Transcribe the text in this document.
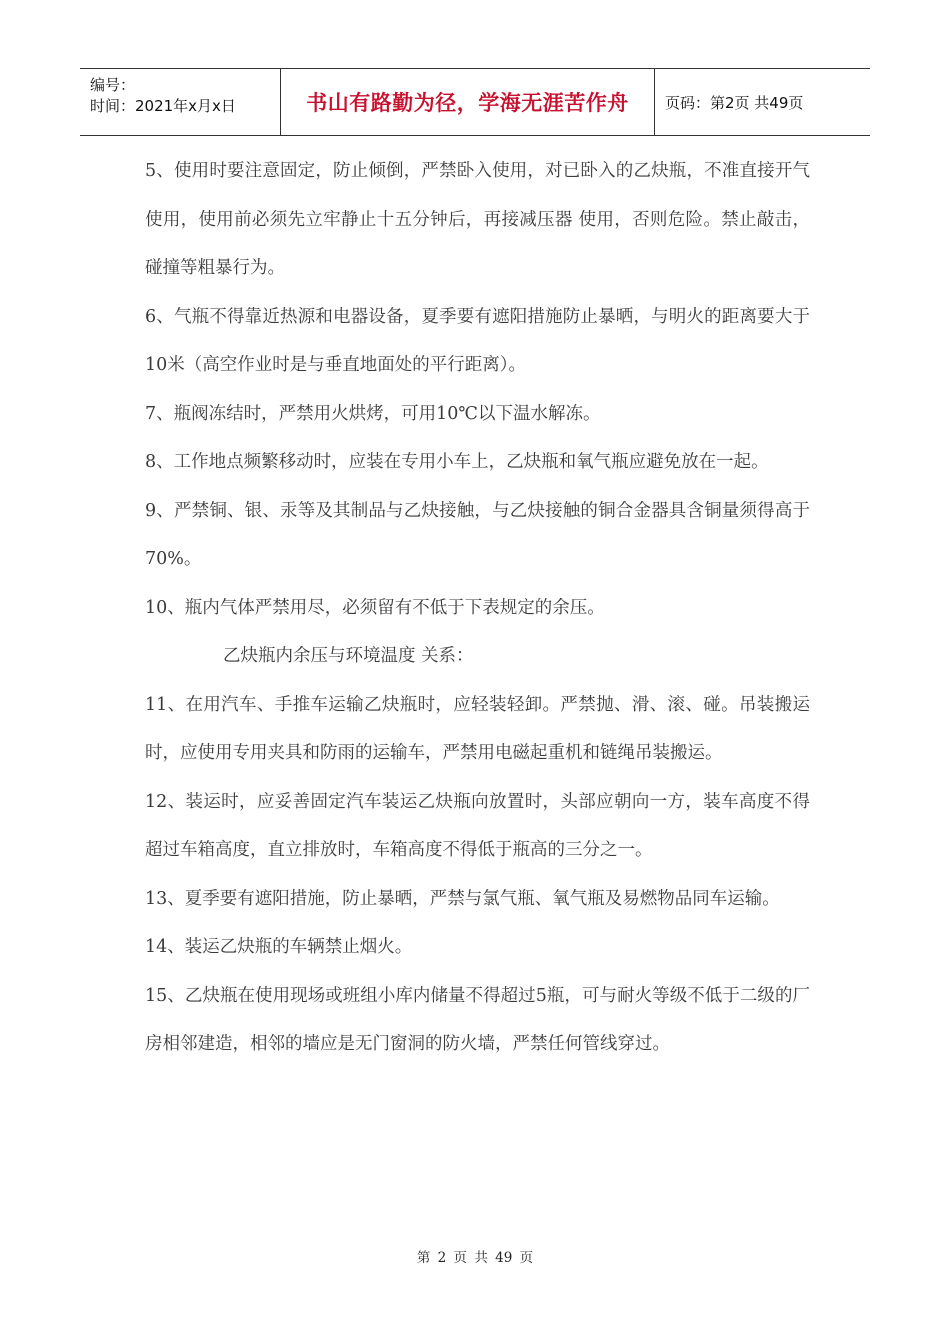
编号：
时间：2021年x月x日	书山有路勤为径，学海无涯苦作舟	页码：第2页 共49页

5、使用时要注意固定，防止倾倒，严禁卧入使用，对已卧入的乙炔瓶，不准直接开气使用，使用前必须先立牢静止十五分钟后，再接减压器 使用，否则危险。禁止敲击，碰撞等粗暴行为。

6、气瓶不得靠近热源和电器设备，夏季要有遮阳措施防止暴晒，与明火的距离要大于10米（高空作业时是与垂直地面处的平行距离）。

7、瓶阀冻结时，严禁用火烘烤，可用10℃以下温水解冻。

8、工作地点频繁移动时，应装在专用小车上，乙炔瓶和氧气瓶应避免放在一起。

9、严禁铜、银、汞等及其制品与乙炔接触，与乙炔接触的铜合金器具含铜量须得高于70%。

10、瓶内气体严禁用尽，必须留有不低于下表规定的余压。

乙炔瓶内余压与环境温度 关系：

11、在用汽车、手推车运输乙炔瓶时，应轻装轻卸。严禁抛、滑、滚、碰。吊装搬运时，应使用专用夹具和防雨的运输车，严禁用电磁起重机和链绳吊装搬运。

12、装运时，应妥善固定汽车装运乙炔瓶向放置时，头部应朝向一方，装车高度不得超过车箱高度，直立排放时，车箱高度不得低于瓶高的三分之一。

13、夏季要有遮阳措施，防止暴晒，严禁与氯气瓶、氧气瓶及易燃物品同车运输。

14、装运乙炔瓶的车辆禁止烟火。

15、乙炔瓶在使用现场或班组小库内储量不得超过5瓶，可与耐火等级不低于二级的厂房相邻建造，相邻的墙应是无门窗洞的防火墙，严禁任何管线穿过。

第 2 页 共 49 页
